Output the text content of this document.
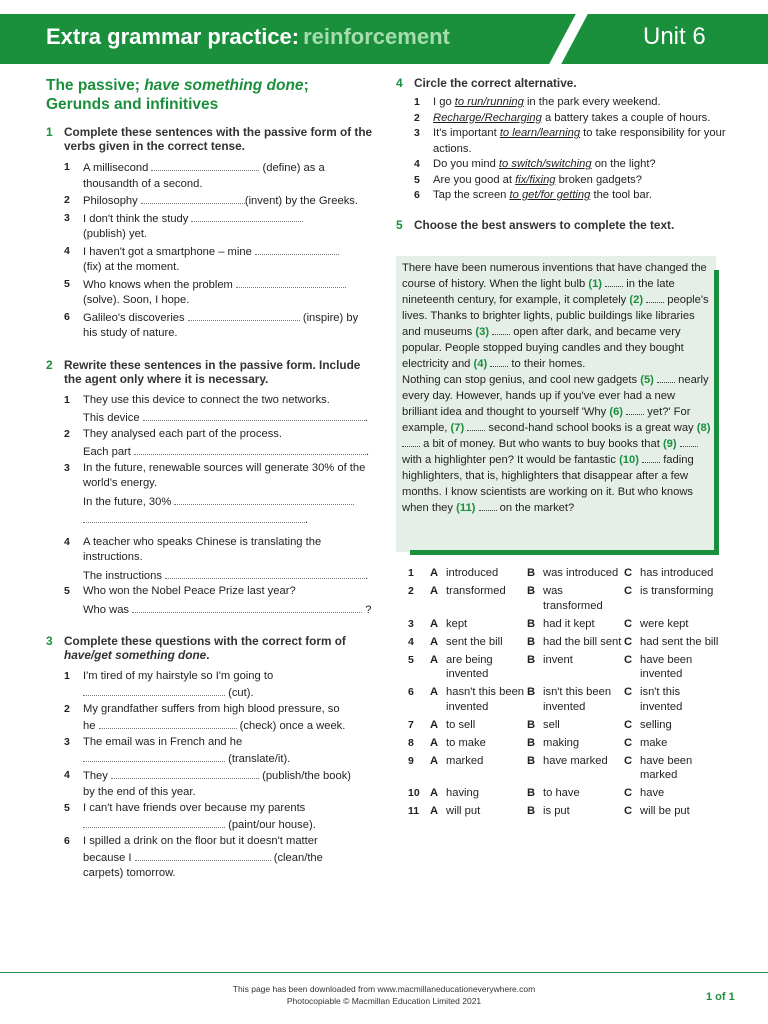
Extra grammar practice: reinforcement	Unit 6
The passive; have something done;
Gerunds and infinitives
1 Complete these sentences with the passive form of the verbs given in the correct tense.
1 A millisecond	(define) as a
thousandth of a second.
2 Philosophy	(invent) by the Greeks.
3 I don't think the study
(publish) yet.
4 I haven't got a smartphone – mine
(fix) at the moment.
5 Who knows when the problem
(solve). Soon, I hope.
6 Galileo's discoveries	(inspire) by
his study of nature.
2 Rewrite these sentences in the passive form. Include the agent only where it is necessary.
1 They use this device to connect the two networks.
This device	.
2 They analysed each part of the process.
Each part	.
3 In the future, renewable sources will generate 30% of the world's energy.
In the future, 30%
.
4 A teacher who speaks Chinese is translating the instructions.
The instructions	.
5 Who won the Nobel Peace Prize last year?
Who was	?
3 Complete these questions with the correct form of have/get something done.
1 I'm tired of my hairstyle so I'm going to
(cut).
2 My grandfather suffers from high blood pressure, so
he	(check) once a week.
3 The email was in French and he
(translate/it).
4 They	(publish/the book)
by the end of this year.
5 I can't have friends over because my parents
(paint/our house).
6 I spilled a drink on the floor but it doesn't matter
because I	(clean/the
carpets) tomorrow.
4 Circle the correct alternative.
1 I go to run/running in the park every weekend.
2 Recharge/Recharging a battery takes a couple of hours.
3 It's important to learn/learning to take responsibility for your actions.
4 Do you mind to switch/switching on the light?
5 Are you good at fix/fixing broken gadgets?
6 Tap the screen to get/for getting the tool bar.
5 Choose the best answers to complete the text.
There have been numerous inventions that have changed the course of history. When the light bulb (1) in the late nineteenth century, for example, it completely (2) people's lives. Thanks to brighter lights, public buildings like libraries and museums (3) open after dark, and became very popular. People stopped buying candles and they bought electricity and (4) to their homes.
Nothing can stop genius, and cool new gadgets (5) nearly every day. However, hands up if you've ever had a new brilliant idea and thought to yourself 'Why (6) yet?' For example, (7) second-hand school books is a great way (8)  a bit of money. But who wants to buy books that (9)  with a highlighter pen? It would be fantastic (10) fading highlighters, that is, highlighters that disappear after a few months. I know scientists are working on it. But who knows when they (11) on the market?
1	A	introduced	B	was introduced	C	has introduced
2	A	transformed	B	was transformed	C	is transforming
3	A	kept	B	had it kept	C	were kept
4	A	sent the bill	B	had the bill sent	C	had sent the bill
5	A	are being invented	B	invent	C	have been invented
6	A	hasn't this been invented	B	isn't this been invented	C	isn't this invented
7	A	to sell	B	sell	C	selling
8	A	to make	B	making	C	make
9	A	marked	B	have marked	C	have been marked
10	A	having	B	to have	C	have
11	A	will put	B	is put	C	will be put
This page has been downloaded from www.macmillaneducationeverywhere.com
Photocopiable © Macmillan Education Limited 2021	1 of 1
